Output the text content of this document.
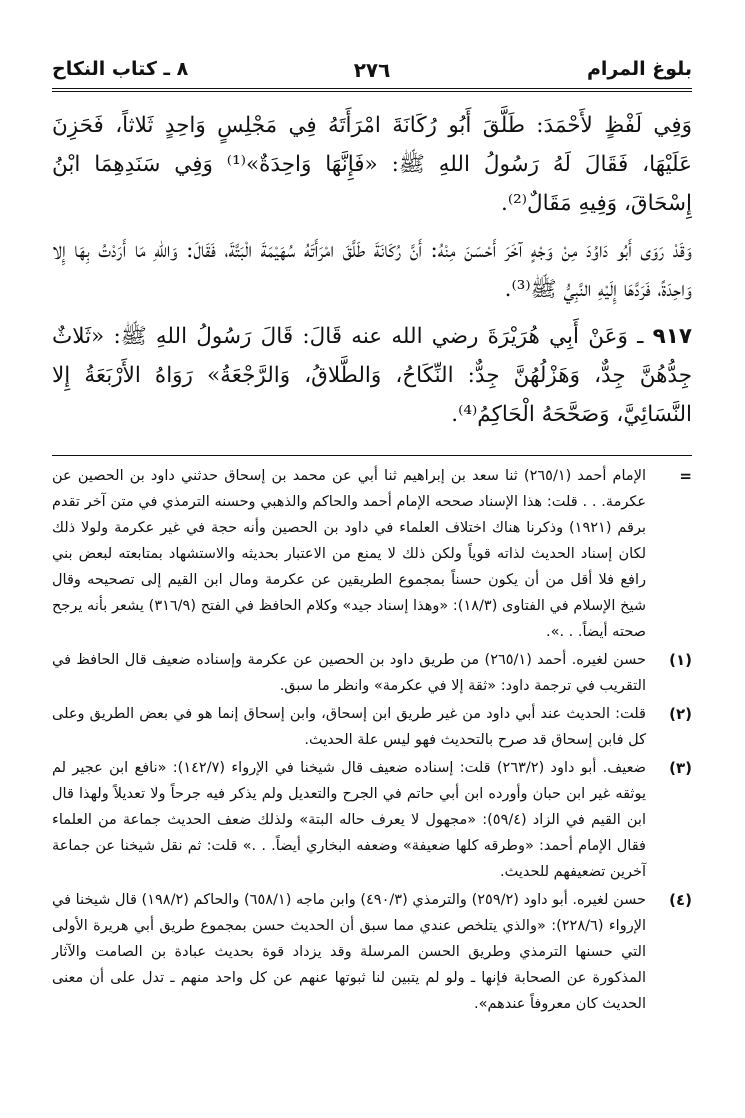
بلوغ المرام
٢٧٦
٨ ـ كتاب النكاح

وَفِي لَفْظٍ لأَحْمَدَ: طَلَّقَ أَبُو رُكَانَةَ امْرَأَتَهُ فِي مَجْلِسٍ وَاحِدٍ ثَلاثاً، فَحَزِنَ عَلَيْهَا، فَقَالَ لَهُ رَسُولُ اللهِ ﷺ: «فَإِنَّهَا وَاحِدَةٌ»⁽¹⁾ وَفِي سَنَدِهِمَا ابْنُ إِسْحَاقَ، وَفِيهِ مَقَالٌ⁽²⁾.

وَقَدْ رَوَى أَبُو دَاوُدَ مِنْ وَجْهٍ آخَرَ أَحْسَنَ مِنْهُ: أَنَّ رُكَانَةَ طَلَّقَ امْرَأَتَهُ سُهَيْمَةَ الْبَتَّةَ، فَقَالَ: وَاللهِ مَا أَرَدْتُ بِهَا إِلا وَاحِدَةً، فَرَدَّهَا إِلَيْهِ النَّبِيُّ ﷺ⁽³⁾.

٩١٧ ـ وَعَنْ أَبِي هُرَيْرَةَ رضي الله عنه قَالَ: قَالَ رَسُولُ اللهِ ﷺ: «ثَلاثٌ جِدُّهُنَّ جِدٌّ، وَهَزْلُهُنَّ جِدٌّ: النِّكَاحُ، وَالطَّلاقُ، وَالرَّجْعَةُ» رَوَاهُ الأَرْبَعَةُ إِلا النَّسَائِيَّ، وَصَحَّحَهُ الْحَاكِمُ⁽⁴⁾.

=
الإمام أحمد (٢٦٥/١) ثنا سعد بن إبراهيم ثنا أبي عن محمد بن إسحاق حدثني داود بن الحصين عن عكرمة. . . قلت: هذا الإسناد صححه الإمام أحمد والحاكم والذهبي وحسنه الترمذي في متن آخر تقدم برقم (١٩٢١) وذكرنا هناك اختلاف العلماء في داود بن الحصين وأنه حجة في غير عكرمة ولولا ذلك لكان إسناد الحديث لذاته قوياً ولكن ذلك لا يمنع من الاعتبار بحديثه والاستشهاد بمتابعته لبعض بني رافع فلا أقل من أن يكون حسناً بمجموع الطريقين عن عكرمة ومال ابن القيم إلى تصحيحه وقال شيخ الإسلام في الفتاوى (١٨/٣): «وهذا إسناد جيد» وكلام الحافظ في الفتح (٣١٦/٩) يشعر بأنه يرجح صحته أيضاً. . .».
(١)
حسن لغيره. أحمد (٢٦٥/١) من طريق داود بن الحصين عن عكرمة وإسناده ضعيف قال الحافظ في التقريب في ترجمة داود: «ثقة إلا في عكرمة» وانظر ما سبق.
(٢)
قلت: الحديث عند أبي داود من غير طريق ابن إسحاق، وابن إسحاق إنما هو في بعض الطريق وعلى كل فابن إسحاق قد صرح بالتحديث فهو ليس علة الحديث.
(٣)
ضعيف. أبو داود (٢٦٣/٢) قلت: إسناده ضعيف قال شيخنا في الإرواء (١٤٢/٧): «نافع ابن عجير لم يوثقه غير ابن حبان وأورده ابن أبي حاتم في الجرح والتعديل ولم يذكر فيه جرحاً ولا تعديلاً ولهذا قال ابن القيم في الزاد (٥٩/٤): «مجهول لا يعرف حاله البتة» ولذلك ضعف الحديث جماعة من العلماء فقال الإمام أحمد: «وطرقه كلها ضعيفة» وضعفه البخاري أيضاً. . .» قلت: ثم نقل شيخنا عن جماعة آخرين تضعيفهم للحديث.
(٤)
حسن لغيره. أبو داود (٢٥٩/٢) والترمذي (٤٩٠/٣) وابن ماجه (٦٥٨/١) والحاكم (١٩٨/٢) قال شيخنا في الإرواء (٢٢٨/٦): «والذي يتلخص عندي مما سبق أن الحديث حسن بمجموع طريق أبي هريرة الأولى التي حسنها الترمذي وطريق الحسن المرسلة وقد يزداد قوة بحديث عبادة بن الصامت والآثار المذكورة عن الصحابة فإنها ـ ولو لم يتبين لنا ثبوتها عنهم عن كل واحد منهم ـ تدل على أن معنى الحديث كان معروفاً عندهم».
